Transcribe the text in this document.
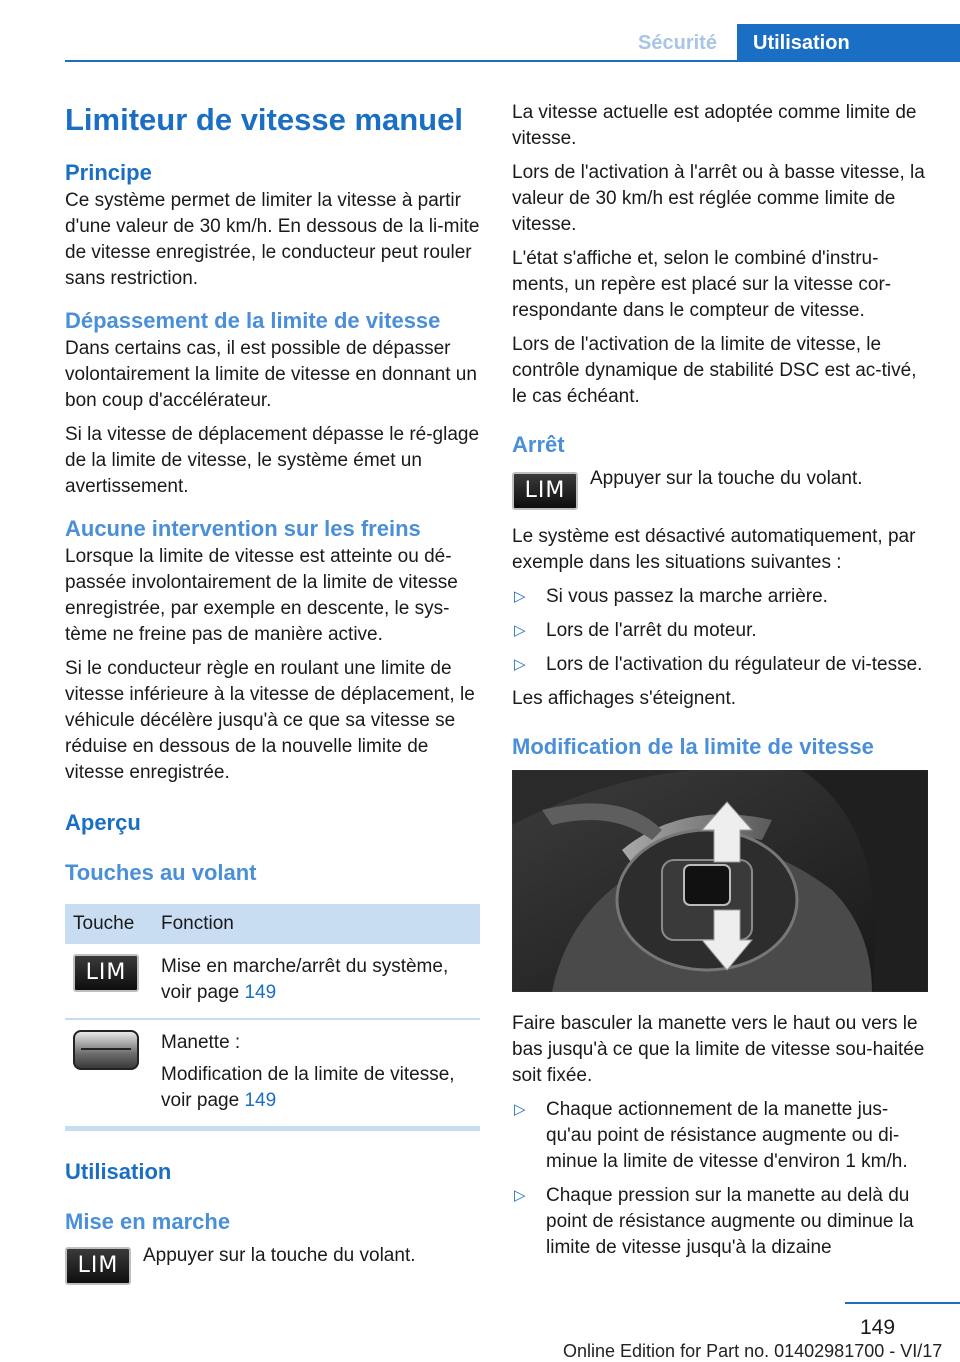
Sécurité	Utilisation
Limiteur de vitesse manuel
Principe

Ce système permet de limiter la vitesse à partir d'une valeur de 30 km/h. En dessous de la li-mite de vitesse enregistrée, le conducteur peut rouler sans restriction.

Dépassement de la limite de vitesse

Dans certains cas, il est possible de dépasser volontairement la limite de vitesse en donnant un bon coup d'accélérateur.

Si la vitesse de déplacement dépasse le ré-glage de la limite de vitesse, le système émet un avertissement.

Aucune intervention sur les freins

Lorsque la limite de vitesse est atteinte ou dé-passée involontairement de la limite de vitesse enregistrée, par exemple en descente, le sys-tème ne freine pas de manière active.

Si le conducteur règle en roulant une limite de vitesse inférieure à la vitesse de déplacement, le véhicule décélère jusqu'à ce que sa vitesse se réduise en dessous de la nouvelle limite de vitesse enregistrée.

Aperçu
Touches au volant
Touche	Fonction
LIM	Mise en marche/arrêt du système, voir page 149

	Manette :
Modification de la limite de vitesse, voir page 149
Utilisation
Mise en marche
LIM	Appuyer sur la touche du volant.

La vitesse actuelle est adoptée comme limite de vitesse.

Lors de l'activation à l'arrêt ou à basse vitesse, la valeur de 30 km/h est réglée comme limite de vitesse.

L'état s'affiche et, selon le combiné d'instru-ments, un repère est placé sur la vitesse cor-respondante dans le compteur de vitesse.

Lors de l'activation de la limite de vitesse, le contrôle dynamique de stabilité DSC est ac-tivé, le cas échéant.

Arrêt
LIM	Appuyer sur la touche du volant.

Le système est désactivé automatiquement, par exemple dans les situations suivantes :

▷ Si vous passez la marche arrière.
▷ Lors de l'arrêt du moteur.
▷ Lors de l'activation du régulateur de vi-tesse.

Les affichages s'éteignent.

Modification de la limite de vitesse

Faire basculer la manette vers le haut ou vers le bas jusqu'à ce que la limite de vitesse sou-haitée soit fixée.

▷ Chaque actionnement de la manette jus-qu'au point de résistance augmente ou di-minue la limite de vitesse d'environ 1 km/h.
▷ Chaque pression sur la manette au delà du point de résistance augmente ou diminue la limite de vitesse jusqu'à la dizaine
149
Online Edition for Part no. 01402981700 - VI/17
